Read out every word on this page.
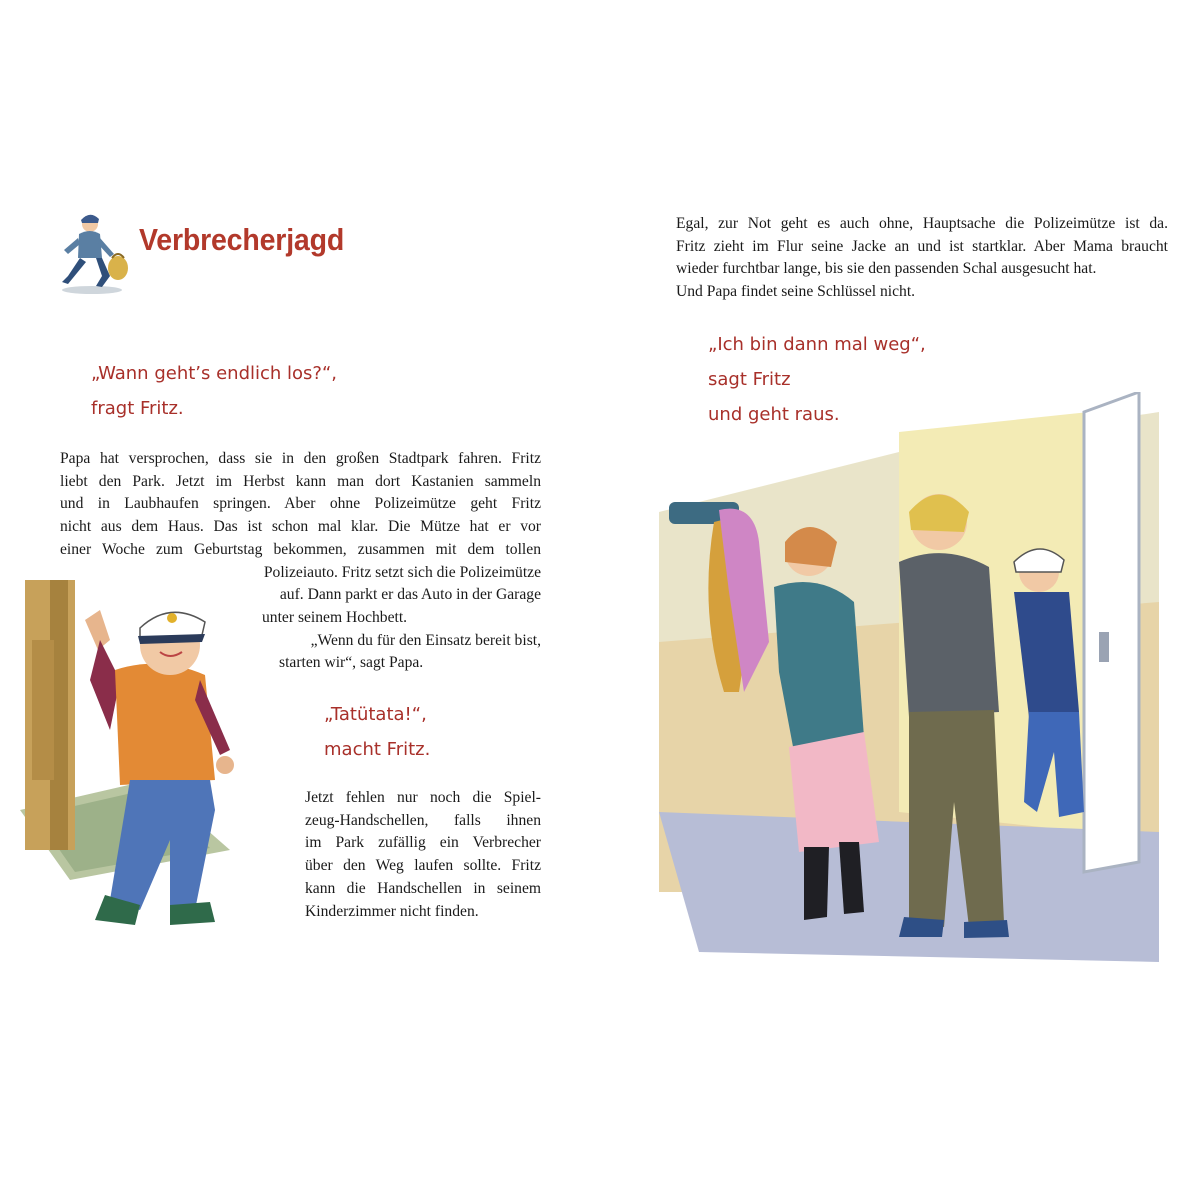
Verbrecherjagd
„Wann geht’s endlich los?“,
fragt Fritz.
Papa hat versprochen, dass sie in den großen Stadtpark fahren. Fritz
liebt den Park. Jetzt im Herbst kann man dort Kastanien sammeln
und in Laubhaufen springen. Aber ohne Polizeimütze geht Fritz
nicht aus dem Haus. Das ist schon mal klar. Die Mütze hat er vor
einer Woche zum Geburtstag bekommen, zusammen mit dem tollen
Polizeiauto. Fritz setzt sich die Polizeimütze
auf. Dann parkt er das Auto in der Garage
unter seinem Hochbett.
„Wenn du für den Einsatz bereit bist,
starten wir“, sagt Papa.
„Tatütata!“,
macht Fritz.
Jetzt fehlen nur noch die Spiel-
zeug-Handschellen, falls ihnen
im Park zufällig ein Verbrecher
über den Weg laufen sollte. Fritz
kann die Handschellen in seinem
Kinderzimmer nicht finden.
Egal, zur Not geht es auch ohne, Hauptsache die Polizeimütze ist da.
Fritz zieht im Flur seine Jacke an und ist startklar. Aber Mama braucht
wieder furchtbar lange, bis sie den passenden Schal ausgesucht hat.
Und Papa findet seine Schlüssel nicht.
„Ich bin dann mal weg“,
sagt Fritz
und geht raus.
